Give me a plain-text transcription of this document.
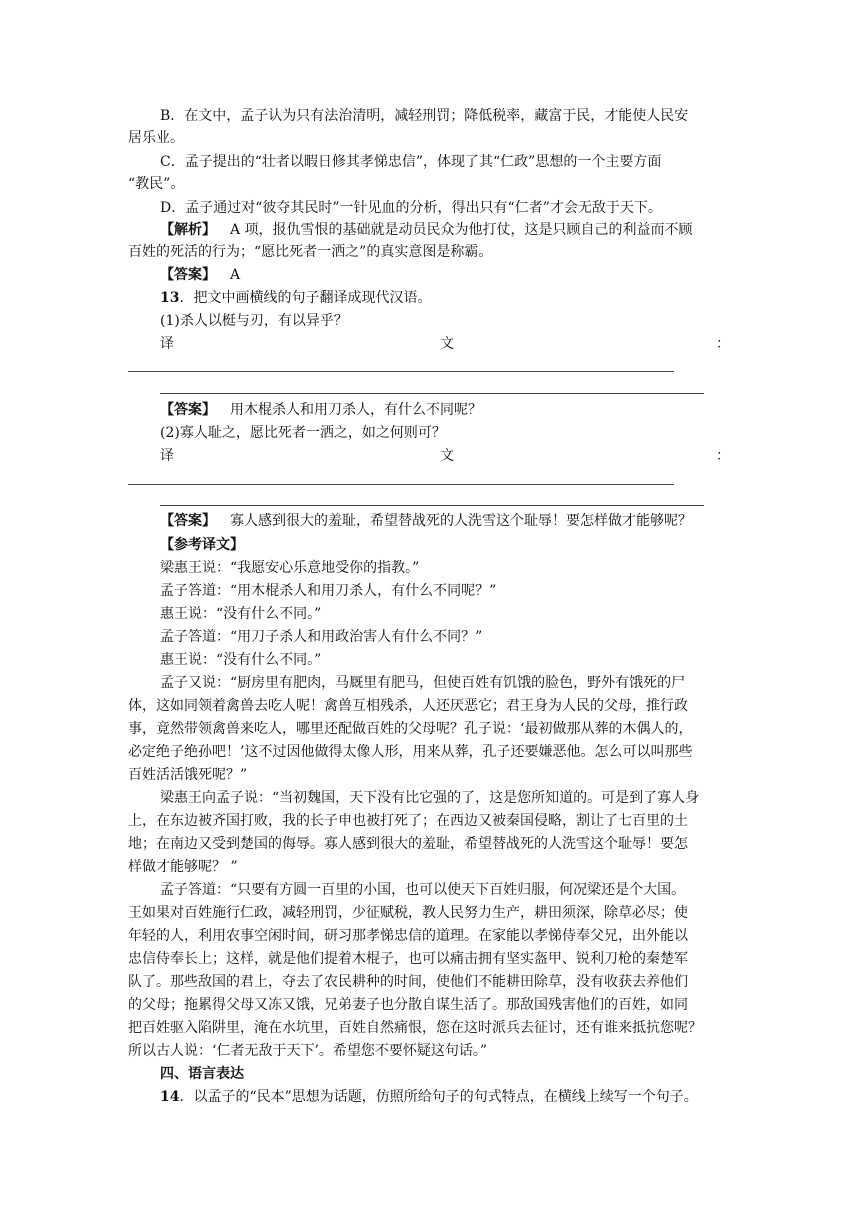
B．在文中，孟子认为只有法治清明，减轻刑罚；降低税率，藏富于民，才能使人民安
居乐业。
C．孟子提出的“壮者以暇日修其孝悌忠信”，体现了其“仁政”思想的一个主要方面
“教民”。
D．孟子通过对“彼夺其民时”一针见血的分析，得出只有“仁者”才会无敌于天下。
【解析】 A 项，报仇雪恨的基础就是动员民众为他打仗，这是只顾自己的利益而不顾
百姓的死活的行为；“愿比死者一洒之”的真实意图是称霸。
【答案】 A
13．把文中画横线的句子翻译成现代汉语。
(1)杀人以梃与刃，有以异乎？
译	文	：
【答案】 用木棍杀人和用刀杀人，有什么不同呢？
(2)寡人耻之，愿比死者一洒之，如之何则可？
译	文	：
【答案】 寡人感到很大的羞耻，希望替战死的人洗雪这个耻辱！要怎样做才能够呢？
【参考译文】
梁惠王说：“我愿安心乐意地受你的指教。”
孟子答道：“用木棍杀人和用刀杀人，有什么不同呢？”
惠王说：“没有什么不同。”
孟子答道：“用刀子杀人和用政治害人有什么不同？”
惠王说：“没有什么不同。”
孟子又说：“厨房里有肥肉，马厩里有肥马，但使百姓有饥饿的脸色，野外有饿死的尸
体，这如同领着禽兽去吃人呢！禽兽互相残杀，人还厌恶它；君王身为人民的父母，推行政
事，竟然带领禽兽来吃人，哪里还配做百姓的父母呢？孔子说：‘最初做那从葬的木偶人的，
必定绝子绝孙吧！’这不过因他做得太像人形，用来从葬，孔子还要嫌恶他。怎么可以叫那些
百姓活活饿死呢？”
梁惠王向孟子说：“当初魏国，天下没有比它强的了，这是您所知道的。可是到了寡人身
上，在东边被齐国打败，我的长子申也被打死了；在西边又被秦国侵略，割让了七百里的土
地；在南边又受到楚国的侮辱。寡人感到很大的羞耻，希望替战死的人洗雪这个耻辱！要怎
样做才能够呢？ ”
孟子答道：“只要有方圆一百里的小国，也可以使天下百姓归服，何况梁还是个大国。
王如果对百姓施行仁政，减轻刑罚，少征赋税，教人民努力生产，耕田须深，除草必尽；使
年轻的人，利用农事空闲时间，研习那孝悌忠信的道理。在家能以孝悌侍奉父兄，出外能以
忠信侍奉长上；这样，就是他们提着木棍子，也可以痛击拥有坚实盔甲、锐利刀枪的秦楚军
队了。那些敌国的君上，夺去了农民耕种的时间，使他们不能耕田除草，没有收获去养他们
的父母；拖累得父母又冻又饿，兄弟妻子也分散自谋生活了。那敌国残害他们的百姓，如同
把百姓驱入陷阱里，淹在水坑里，百姓自然痛恨，您在这时派兵去征讨，还有谁来抵抗您呢？
所以古人说：‘仁者无敌于天下’。希望您不要怀疑这句话。”
四、语言表达
14．以孟子的“民本”思想为话题，仿照所给句子的句式特点，在横线上续写一个句子。
